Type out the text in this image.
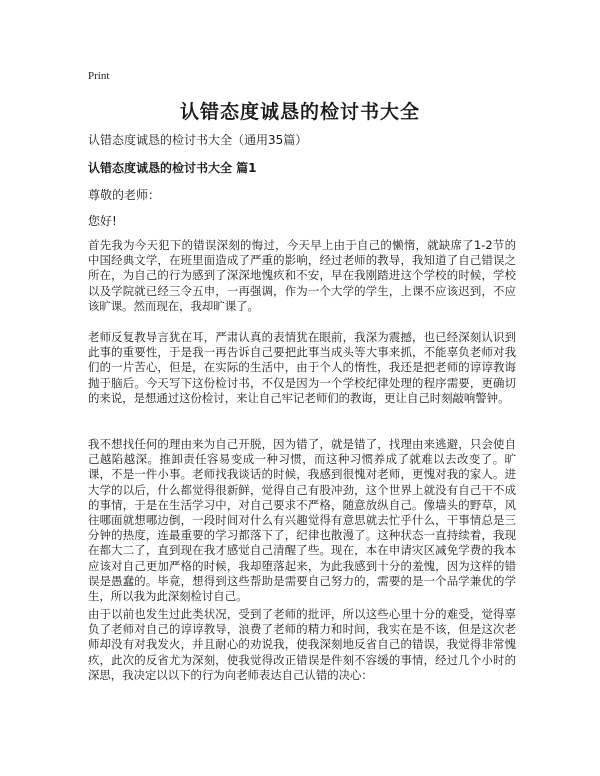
Print
认错态度诚恳的检讨书大全
认错态度诚恳的检讨书大全（通用35篇）
认错态度诚恳的检讨书大全 篇1
尊敬的老师：
您好!
首先我为今天犯下的错误深刻的悔过，今天早上由于自己的懒惰，就缺席了1-2节的中国经典文学，在班里面造成了严重的影响，经过老师的教导，我知道了自己错误之所在，为自己的行为感到了深深地愧疚和不安，早在我刚踏进这个学校的时候，学校以及学院就已经三令五申，一再强调，作为一个大学的学生，上课不应该迟到，不应该旷课。然而现在，我却旷课了。
老师反复教导言犹在耳，严肃认真的表情犹在眼前，我深为震撼，也已经深刻认识到此事的重要性，于是我一再告诉自己要把此事当成头等大事来抓，不能辜负老师对我们的一片苦心，但是，在实际的生活中，由于个人的惰性，我还是把老师的谆谆教诲抛于脑后。今天写下这份检讨书，不仅是因为一个学校纪律处理的程序需要，更确切的来说，是想通过这份检讨，来让自己牢记老师们的教诲，更让自己时刻敲响警钟。
我不想找任何的理由来为自己开脱，因为错了，就是错了，找理由来逃避，只会使自己越陷越深。推卸责任容易变成一种习惯，而这种习惯养成了就难以去改变了。旷课，不是一件小事。老师找我谈话的时候，我感到很愧对老师，更愧对我的家人。进大学的以后，什么都觉得很新鲜，觉得自己有股冲劲，这个世界上就没有自己干不成的事情，于是在生活学习中，对自己要求不严格，随意放纵自己。像墙头的野草，风往哪面就想哪边倒，一段时间对什么有兴趣觉得有意思就去忙乎什么，干事情总是三分钟的热度，连最重要的学习都落下了，纪律也散漫了。这种状态一直持续着，我现在都大二了，直到现在我才感觉自己清醒了些。现在，本在申请灾区减免学费的我本应该对自己更加严格的时候，我却堕落起来，为此我感到十分的羞愧，因为这样的错误是愚蠢的。毕竟，想得到这些帮助是需要自己努力的，需要的是一个品学兼优的学生，所以我为此深刻检讨自己。
由于以前也发生过此类状况，受到了老师的批评，所以这些心里十分的难受，觉得辜负了老师对自己的谆谆教导，浪费了老师的精力和时间，我实在是不该，但是这次老师却没有对我发火，并且耐心的劝说我，使我深刻地反省自己的错误，我觉得非常愧疚，此次的反省尤为深刻，使我觉得改正错误是件刻不容缓的事情，经过几个小时的深思，我决定以以下的行为向老师表达自己认错的决心：
